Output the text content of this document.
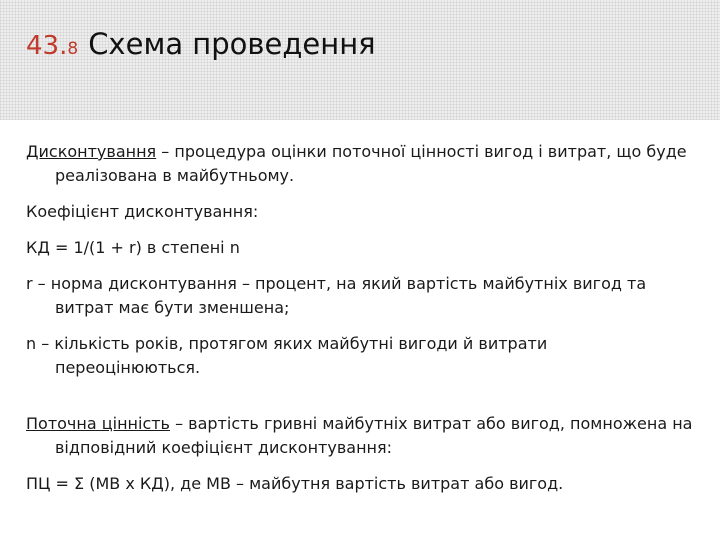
43.8 Схема проведення

Дисконтування – процедура оцінки поточної цінності вигод і витрат, що буде реалізована в майбутньому.

Коефіцієнт дисконтування:

КД = 1/(1 + r) в степені n

r – норма дисконтування – процент, на який вартість майбутніх вигод та витрат має бути зменшена;

n – кількість років, протягом яких майбутні вигоди й витрати переоцінюються.

Поточна цінність – вартість гривні майбутніх витрат або вигод, помножена на відповідний коефіцієнт дисконтування:

ПЦ = Σ (МВ х КД), де МВ – майбутня вартість витрат або вигод.
